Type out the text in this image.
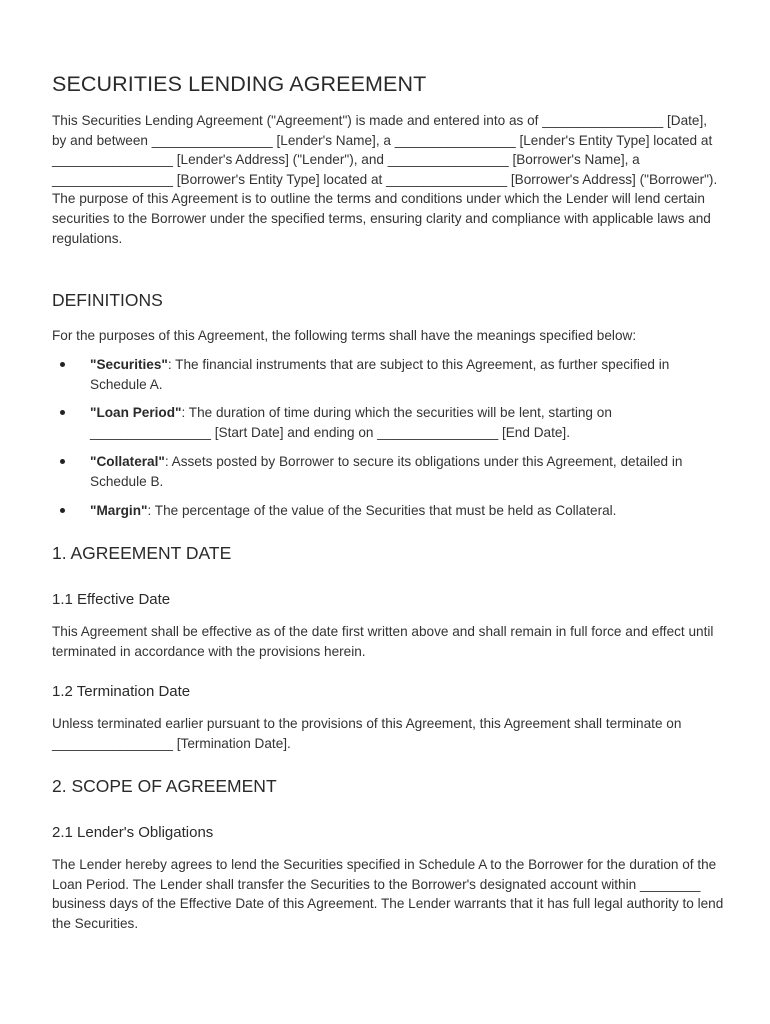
SECURITIES LENDING AGREEMENT

This Securities Lending Agreement ("Agreement") is made and entered into as of ________________ [Date], by and between ________________ [Lender's Name], a ________________ [Lender's Entity Type] located at ________________ [Lender's Address] ("Lender"), and ________________ [Borrower's Name], a ________________ [Borrower's Entity Type] located at ________________ [Borrower's Address] ("Borrower"). The purpose of this Agreement is to outline the terms and conditions under which the Lender will lend certain securities to the Borrower under the specified terms, ensuring clarity and compliance with applicable laws and regulations.

DEFINITIONS

For the purposes of this Agreement, the following terms shall have the meanings specified below:

"Securities": The financial instruments that are subject to this Agreement, as further specified in Schedule A.

"Loan Period": The duration of time during which the securities will be lent, starting on ________________ [Start Date] and ending on ________________ [End Date].

"Collateral": Assets posted by Borrower to secure its obligations under this Agreement, detailed in Schedule B.

"Margin": The percentage of the value of the Securities that must be held as Collateral.

1. AGREEMENT DATE
1.1 Effective Date

This Agreement shall be effective as of the date first written above and shall remain in full force and effect until terminated in accordance with the provisions herein.

1.2 Termination Date

Unless terminated earlier pursuant to the provisions of this Agreement, this Agreement shall terminate on ________________ [Termination Date].

2. SCOPE OF AGREEMENT
2.1 Lender's Obligations

The Lender hereby agrees to lend the Securities specified in Schedule A to the Borrower for the duration of the Loan Period. The Lender shall transfer the Securities to the Borrower's designated account within ________ business days of the Effective Date of this Agreement. The Lender warrants that it has full legal authority to lend the Securities.
